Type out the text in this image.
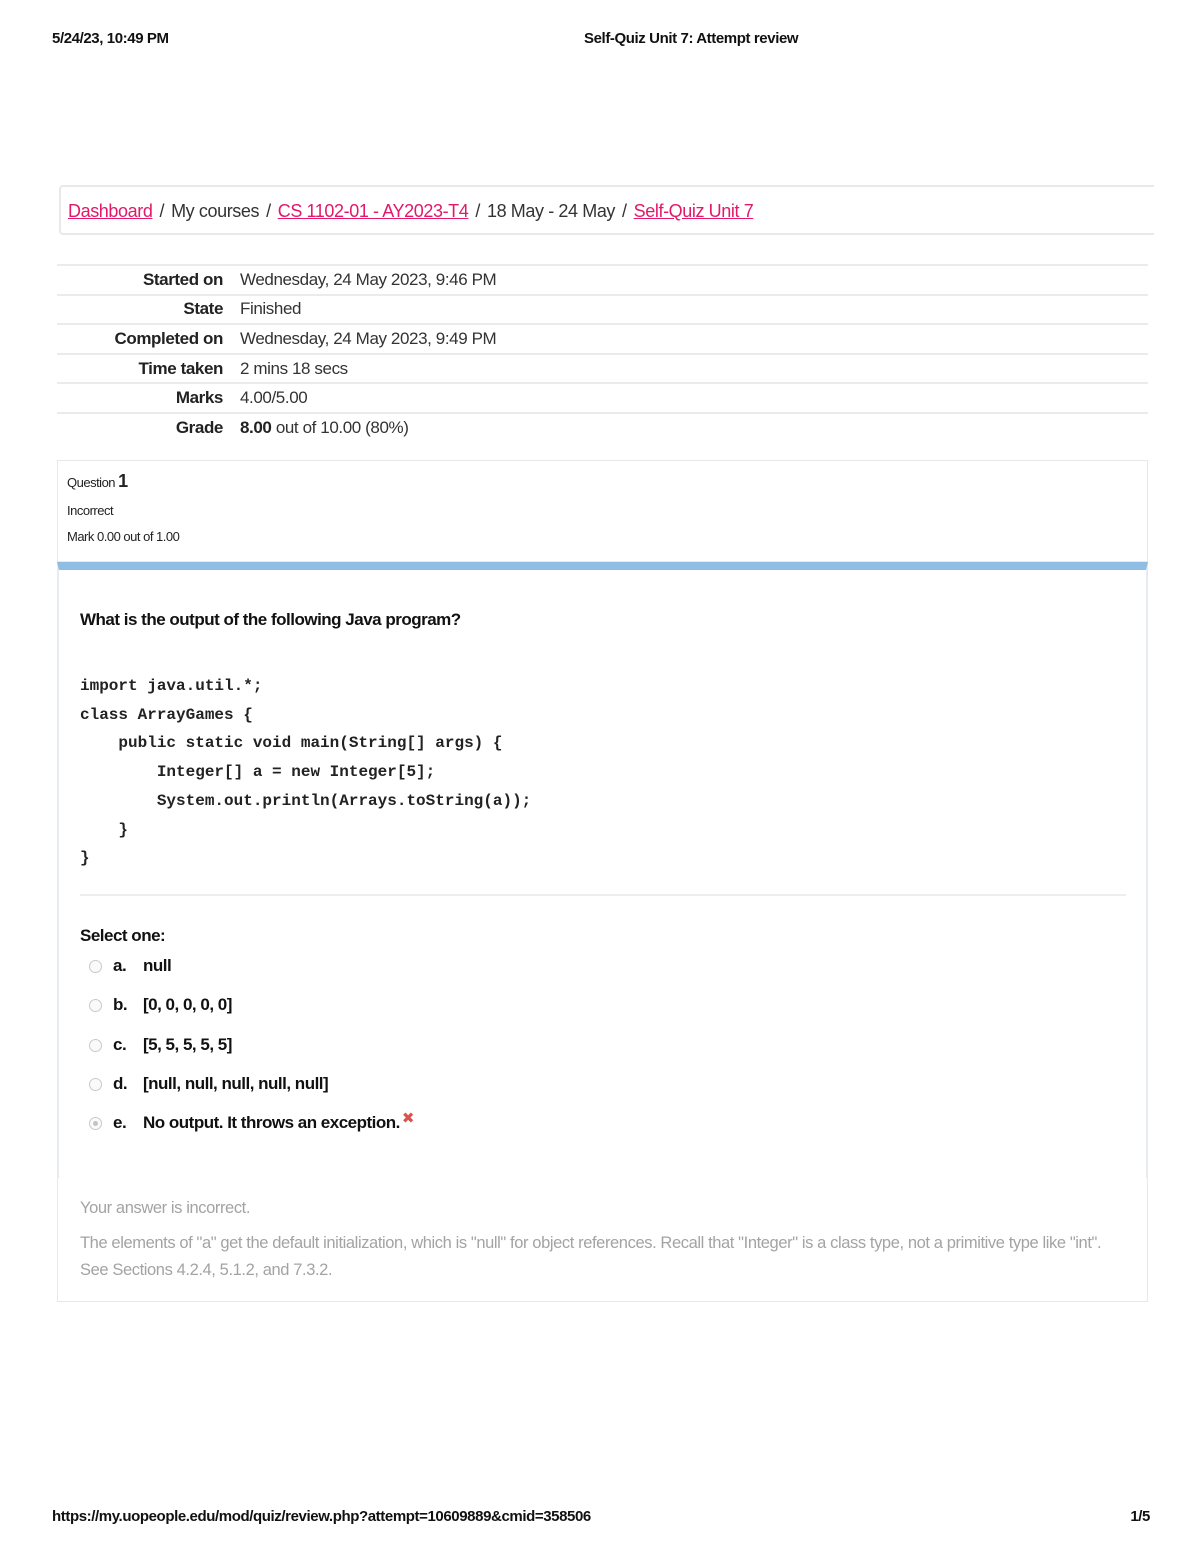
5/24/23, 10:49 PM	Self-Quiz Unit 7: Attempt review
Dashboard / My courses / CS 1102-01 - AY2023-T4 / 18 May - 24 May / Self-Quiz Unit 7
Started on	Wednesday, 24 May 2023, 9:46 PM
State	Finished
Completed on	Wednesday, 24 May 2023, 9:49 PM
Time taken	2 mins 18 secs
Marks	4.00/5.00
Grade	8.00 out of 10.00 (80%)
Question 1
Incorrect
Mark 0.00 out of 1.00
What is the output of the following Java program?
import java.util.*;
class ArrayGames {
public static void main(String[] args) {
Integer[] a = new Integer[5];
System.out.println(Arrays.toString(a));
}
}
Select one:
a. null
b. [0, 0, 0, 0, 0]
c. [5, 5, 5, 5, 5]
d. [null, null, null, null, null]
e. No output. It throws an exception. ✖
Your answer is incorrect.
The elements of "a" get the default initialization, which is "null" for object references. Recall that "Integer" is a class type, not a primitive type like "int". See Sections 4.2.4, 5.1.2, and 7.3.2.
https://my.uopeople.edu/mod/quiz/review.php?attempt=10609889&cmid=358506	1/5
